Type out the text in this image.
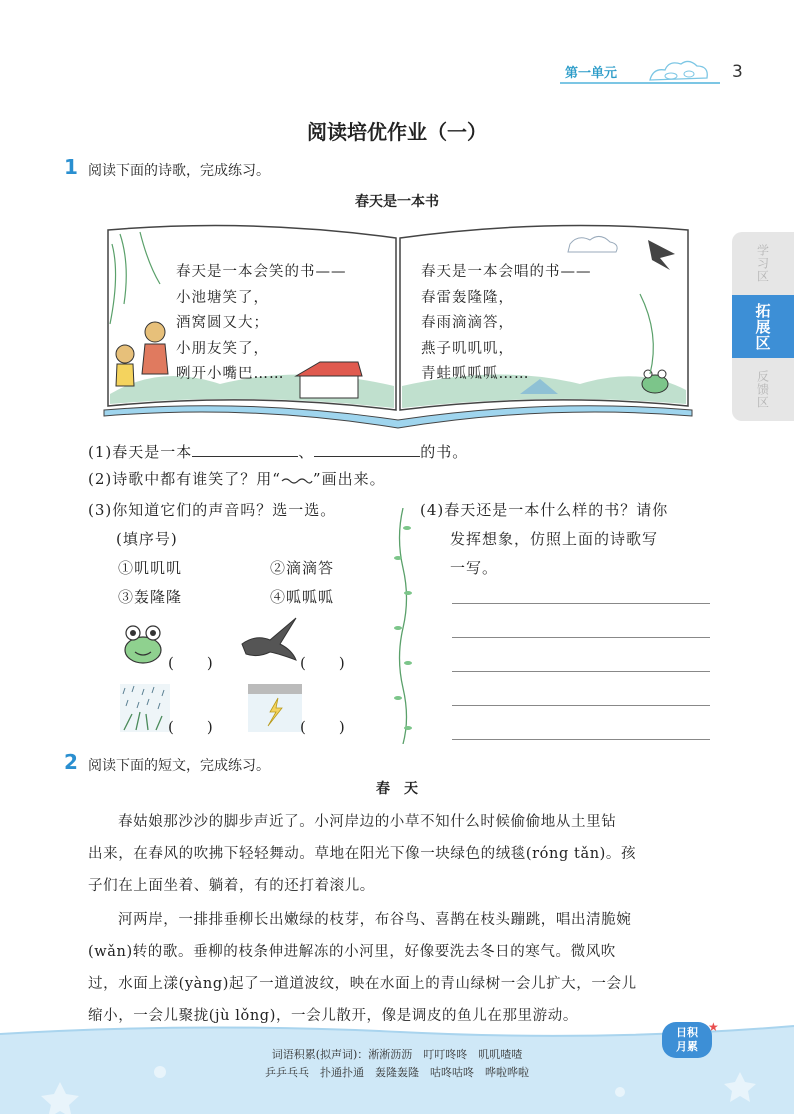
第一单元	3
学习区
拓展区
反馈区
阅读培优作业（一）
1 阅读下面的诗歌，完成练习。
春天是一本书
春天是一本会笑的书——
小池塘笑了，
酒窝圆又大；
小朋友笑了，
咧开小嘴巴……
春天是一本会唱的书——
春雷轰隆隆，
春雨滴滴答，
燕子叽叽叽，
青蛙呱呱呱……
(1)春天是一本	、	的书。
(2)诗歌中都有谁笑了？用“ ”画出来。
(3)你知道它们的声音吗？选一选。
(填序号)
①叽叽叽	②滴滴答
③轰隆隆	④呱呱呱
(　　)	(　　)
(　　)	(　　)
(4)春天还是一本什么样的书？请你
发挥想象，仿照上面的诗歌写
一写。
2 阅读下面的短文，完成练习。
春　天
春姑娘那沙沙的脚步声近了。小河岸边的小草不知什么时候偷偷地从土里钻
出来，在春风的吹拂下轻轻舞动。草地在阳光下像一块绿色的绒毯(róng tǎn)。孩
子们在上面坐着、躺着，有的还打着滚儿。
河两岸，一排排垂柳长出嫩绿的枝芽，布谷鸟、喜鹊在枝头蹦跳，唱出清脆婉
(wǎn)转的歌。垂柳的枝条伸进解冻的小河里，好像要洗去冬日的寒气。微风吹
过，水面上漾(yàng)起了一道道波纹，映在水面上的青山绿树一会儿扩大，一会儿
缩小，一会儿聚拢(jù lǒng)，一会儿散开，像是调皮的鱼儿在那里游动。
日积月累
★
词语积累(拟声词)：淅淅沥沥　叮叮咚咚　叽叽喳喳
乒乒乓乓　扑通扑通　轰隆轰隆　咕咚咕咚　哗啦哗啦
